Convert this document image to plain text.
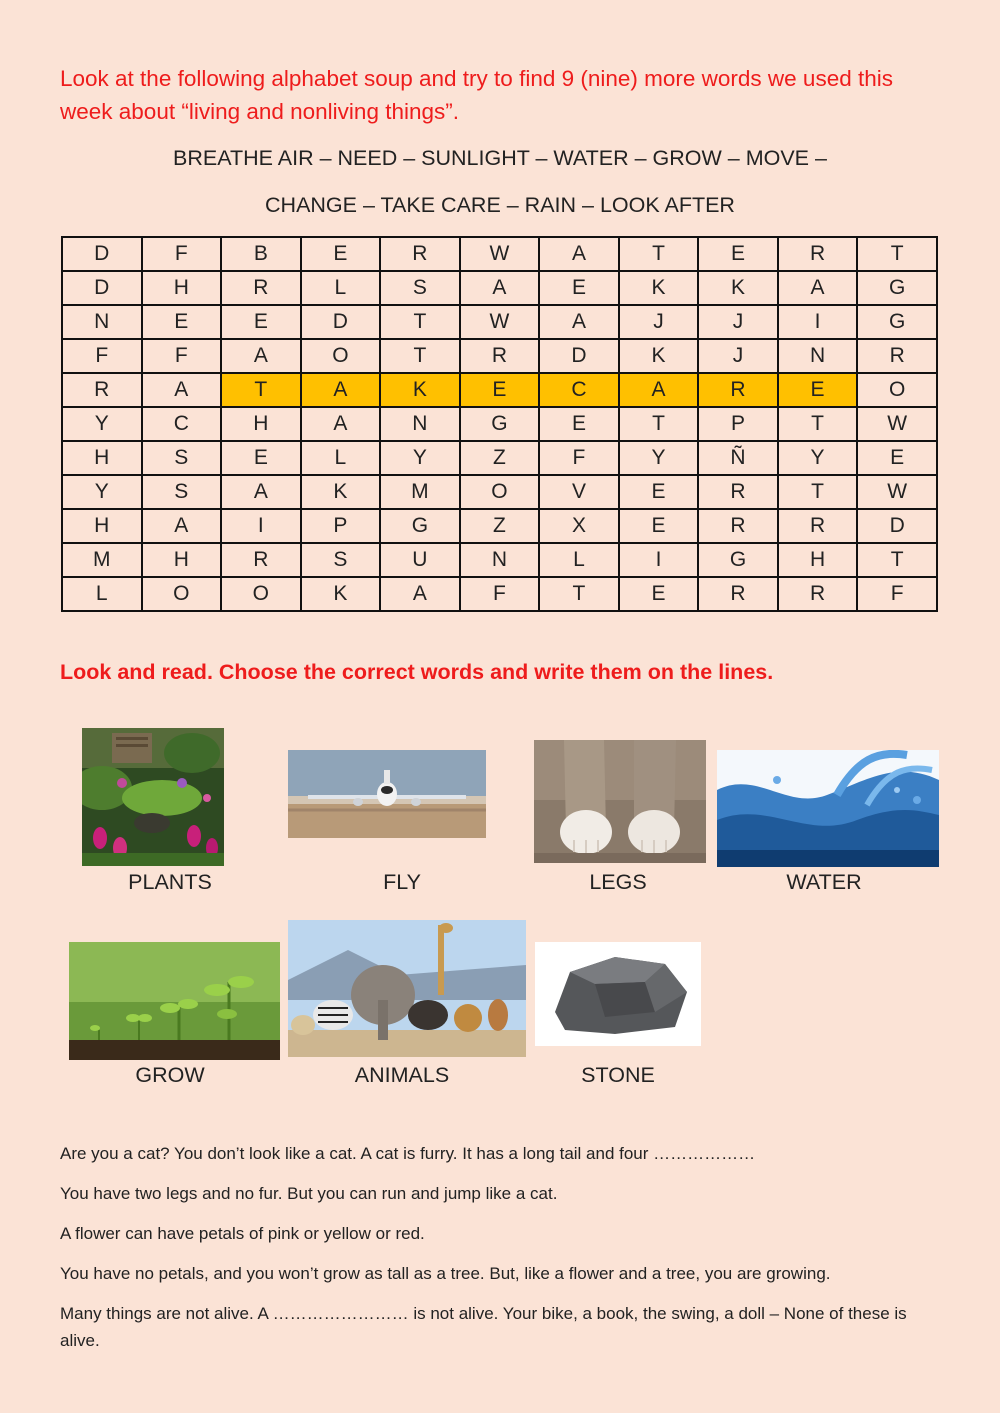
Look at the following alphabet soup and try to find 9 (nine) more words we used this week about “living and nonliving things”.
BREATHE AIR – NEED – SUNLIGHT – WATER – GROW – MOVE –
CHANGE – TAKE CARE – RAIN – LOOK AFTER
D	F	B	E	R	W	A	T	E	R	T
D	H	R	L	S	A	E	K	K	A	G
N	E	E	D	T	W	A	J	J	I	G
F	F	A	O	T	R	D	K	J	N	R
R	A	T	A	K	E	C	A	R	E	O
Y	C	H	A	N	G	E	T	P	T	W
H	S	E	L	Y	Z	F	Y	Ñ	Y	E
Y	S	A	K	M	O	V	E	R	T	W
H	A	I	P	G	Z	X	E	R	R	D
M	H	R	S	U	N	L	I	G	H	T
L	O	O	K	A	F	T	E	R	R	F
Look and read. Choose the correct words and write them on the lines.
PLANTS	FLY	LEGS	WATER
GROW	ANIMALS	STONE
Are you a cat? You don’t look like a cat. A cat is furry. It has a long tail and four ………………
You have two legs and no fur. But you can run and jump like a cat.
A flower can have petals of pink or yellow or red.
You have no petals, and you won’t grow as tall as a tree. But, like a flower and a tree, you are growing.
Many things are not alive. A …………………… is not alive. Your bike, a book, the swing, a doll – None of these is alive.
